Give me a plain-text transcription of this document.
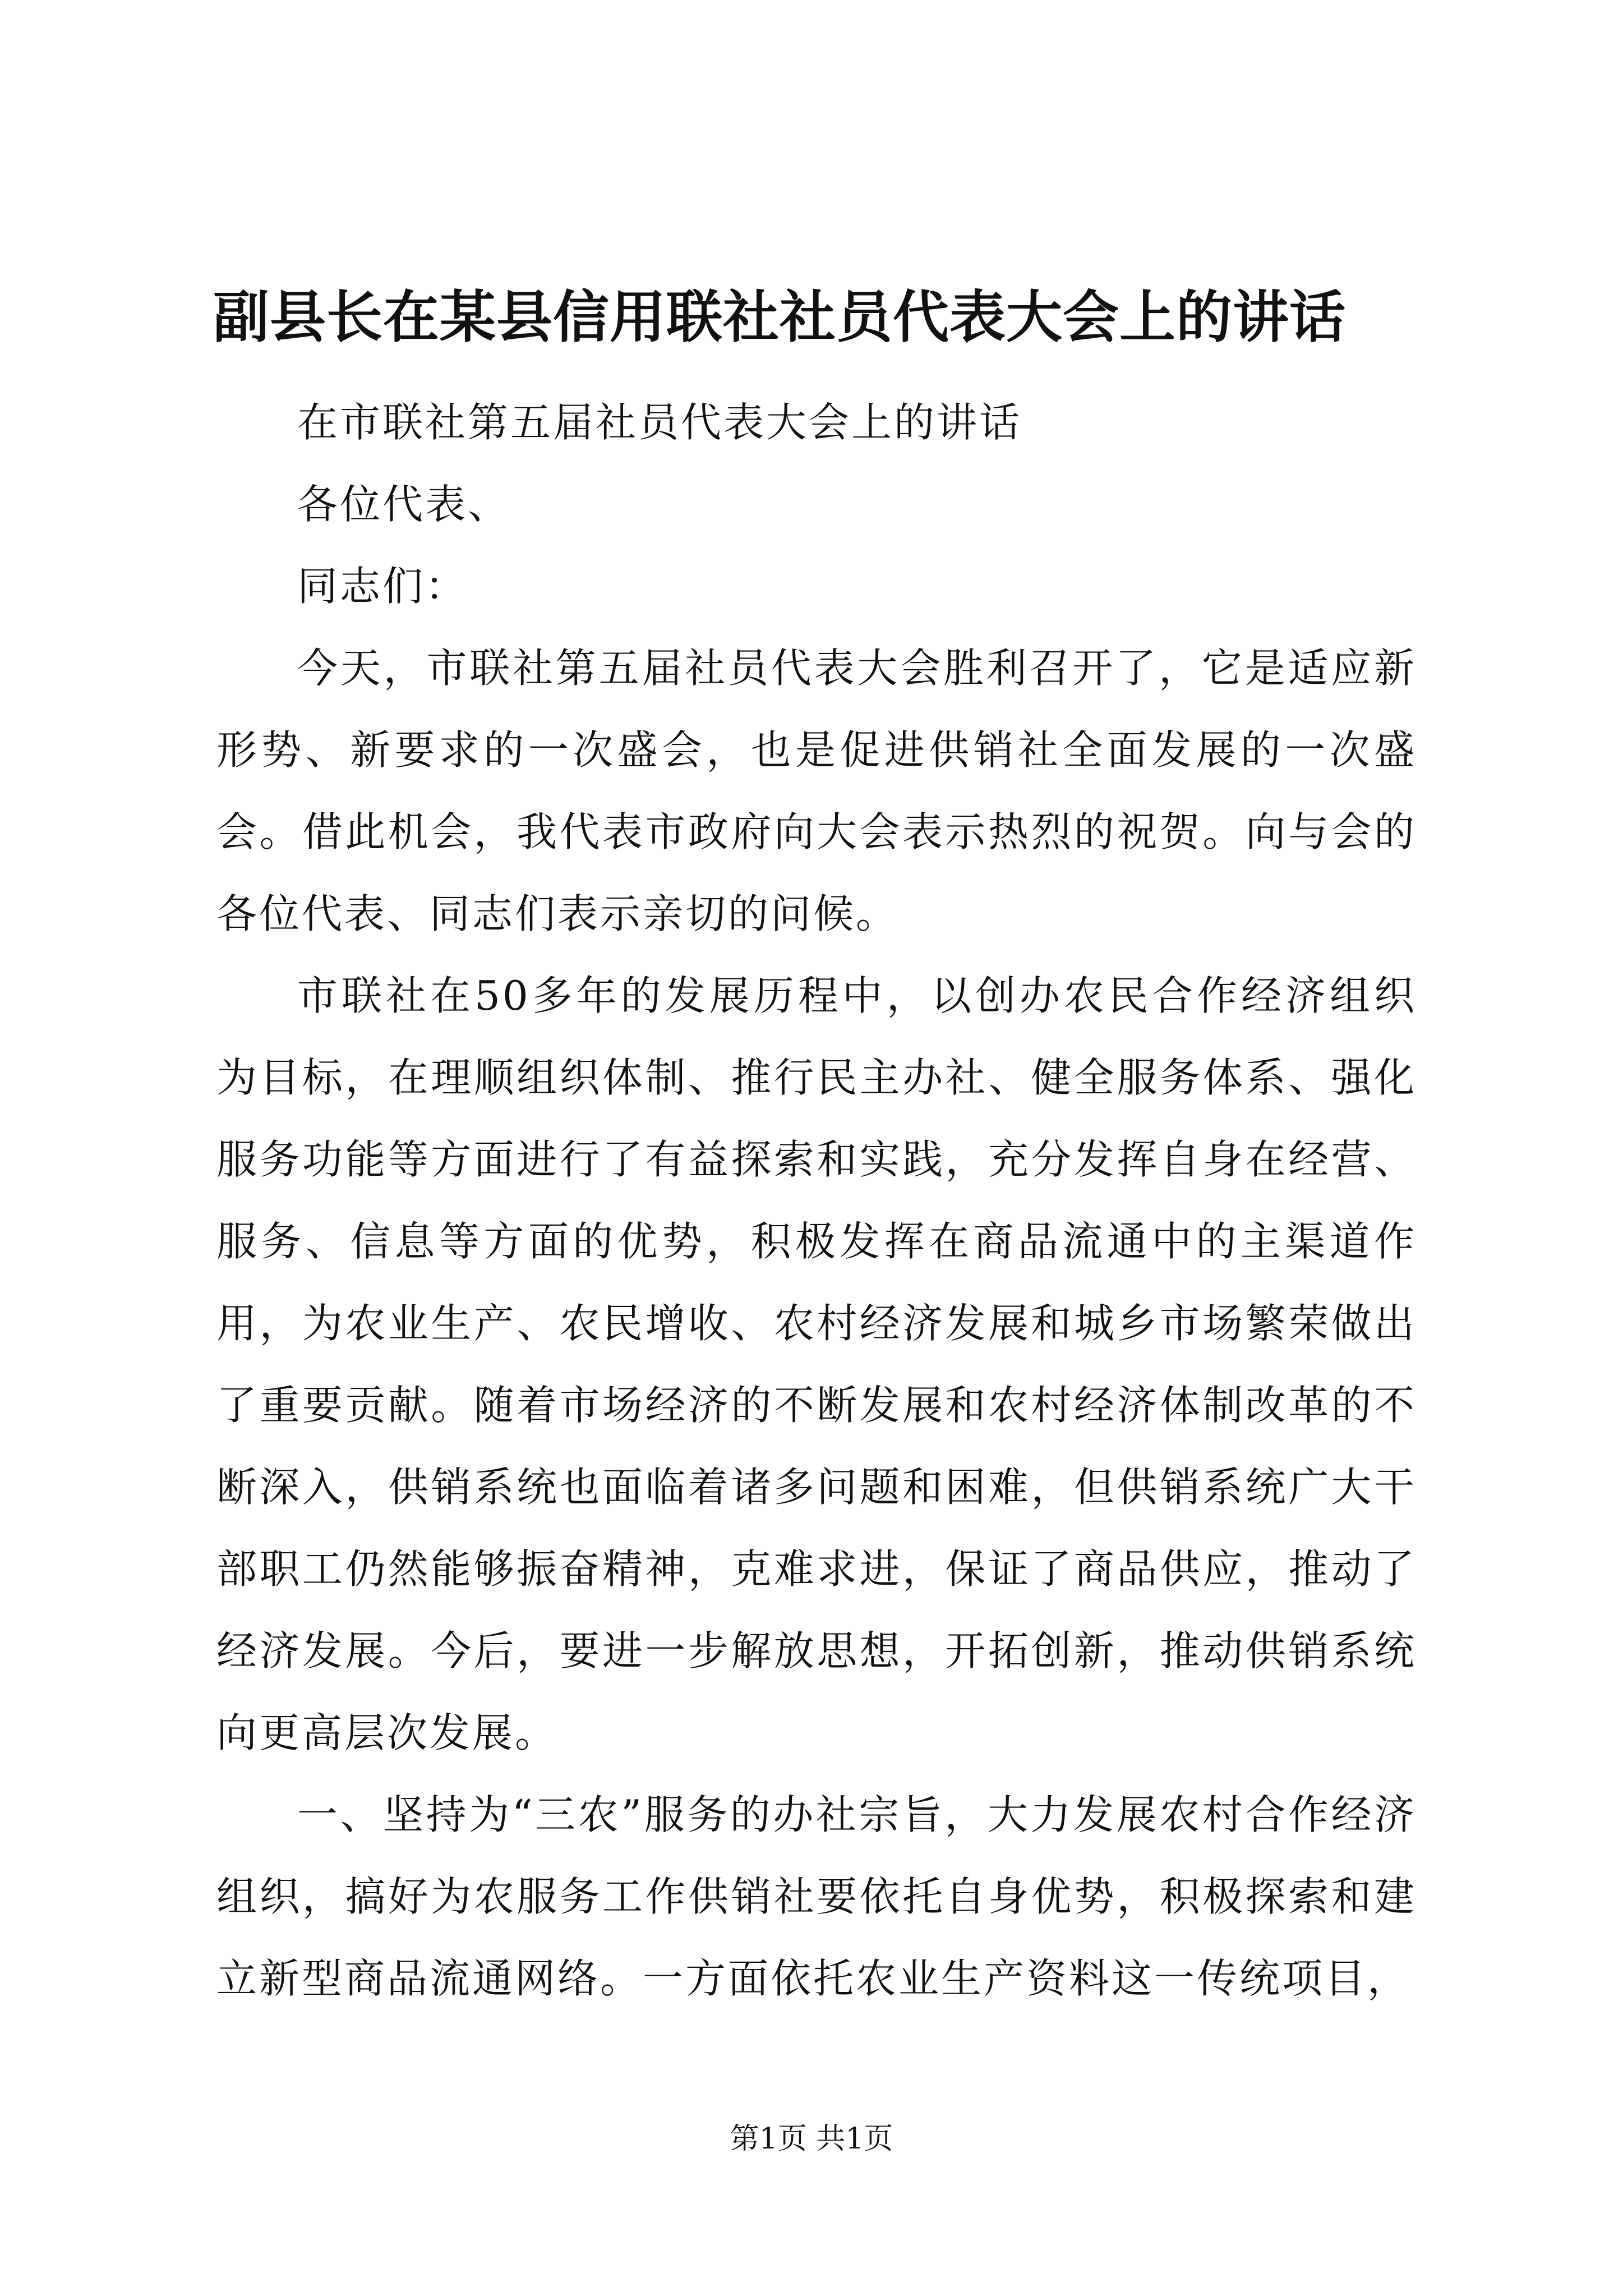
副县长在某县信用联社社员代表大会上的讲话

在市联社第五届社员代表大会上的讲话

各位代表、

同志们：

今天，市联社第五届社员代表大会胜利召开了，它是适应新形势、新要求的一次盛会，也是促进供销社全面发展的一次盛会。借此机会，我代表市政府向大会表示热烈的祝贺。向与会的各位代表、同志们表示亲切的问候。

市联社在50多年的发展历程中，以创办农民合作经济组织为目标，在理顺组织体制、推行民主办社、健全服务体系、强化服务功能等方面进行了有益探索和实践，充分发挥自身在经营、服务、信息等方面的优势，积极发挥在商品流通中的主渠道作用，为农业生产、农民增收、农村经济发展和城乡市场繁荣做出了重要贡献。随着市场经济的不断发展和农村经济体制改革的不断深入，供销系统也面临着诸多问题和困难，但供销系统广大干部职工仍然能够振奋精神，克难求进，保证了商品供应，推动了经济发展。今后，要进一步解放思想，开拓创新，推动供销系统向更高层次发展。

一、坚持为“三农”服务的办社宗旨，大力发展农村合作经济组织，搞好为农服务工作供销社要依托自身优势，积极探索和建立新型商品流通网络。一方面依托农业生产资料这一传统项目，

第1页 共1页
